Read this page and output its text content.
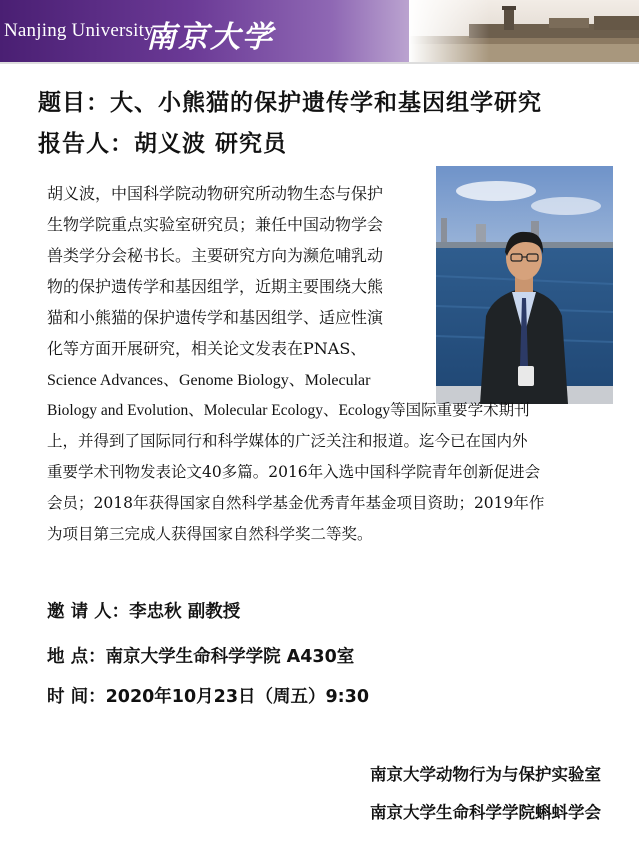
Nanjing University
南京大学
题目：大、小熊猫的保护遗传学和基因组学研究
报告人：胡义波 研究员
胡义波，中国科学院动物研究所动物生态与保护
生物学院重点实验室研究员；兼任中国动物学会
兽类学分会秘书长。主要研究方向为濒危哺乳动
物的保护遗传学和基因组学，近期主要围绕大熊
猫和小熊猫的保护遗传学和基因组学、适应性演
化等方面开展研究，相关论文发表在PNAS、
Science Advances、Genome Biology、Molecular
Biology and Evolution、Molecular Ecology、Ecology等国际重要学术期刊
上，并得到了国际同行和科学媒体的广泛关注和报道。迄今已在国内外
重要学术刊物发表论文40多篇。2016年入选中国科学院青年创新促进会
会员；2018年获得国家自然科学基金优秀青年基金项目资助；2019年作
为项目第三完成人获得国家自然科学奖二等奖。
邀 请 人：李忠秋 副教授
地 点：南京大学生命科学学院 A430室
时 间：2020年10月23日（周五）9:30
南京大学动物行为与保护实验室
南京大学生命科学学院蝌蚪学会
